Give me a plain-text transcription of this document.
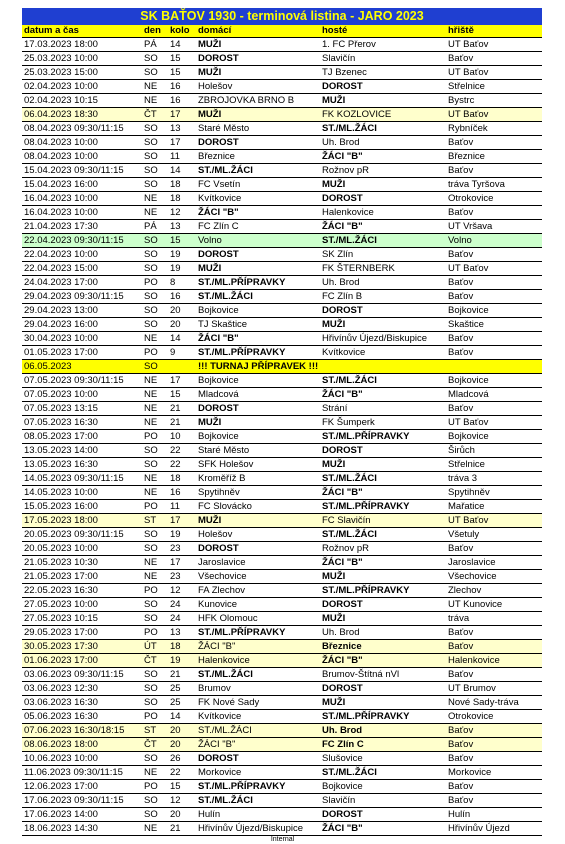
SK BAŤOV 1930 - terminová listina - JARO 2023
datum a čas	den	kolo	domácí	hosté	hřiště
17.03.2023 18:00	PÁ	14	MUŽI	1. FC Přerov	UT Baťov
25.03.2023 10:00	SO	15	DOROST	Slavičín	Baťov
25.03.2023 15:00	SO	15	MUŽI	TJ Bzenec	UT Baťov
02.04.2023 10:00	NE	16	Holešov	DOROST	Střelnice
02.04.2023 10:15	NE	16	ZBROJOVKA BRNO B	MUŽI	Bystrc
06.04.2023 18:30	ČT	17	MUŽI	FK KOZLOVICE	UT Baťov
08.04.2023 09:30/11:15	SO	13	Staré Město	ST./ML.ŽÁCI	Rybníček
08.04.2023 10:00	SO	17	DOROST	Uh. Brod	Baťov
08.04.2023 10:00	SO	11	Březnice	ŽÁCI "B"	Březnice
15.04.2023 09:30/11:15	SO	14	ST./ML.ŽÁCI	Rožnov pR	Baťov
15.04.2023 16:00	SO	18	FC Vsetín	MUŽI	tráva Tyršova
16.04.2023 10:00	NE	18	Kvítkovice	DOROST	Otrokovice
16.04.2023 10:00	NE	12	ŽÁCI "B"	Halenkovice	Baťov
21.04.2023 17:30	PÁ	13	FC Zlín C	ŽÁCI "B"	UT Vršava
22.04.2023 09:30/11:15	SO	15	Volno	ST./ML.ŽÁCI	Volno
22.04.2023 10:00	SO	19	DOROST	SK Zlín	Baťov
22.04.2023 15:00	SO	19	MUŽI	FK ŠTERNBERK	UT Baťov
24.04.2023 17:00	PO	8	ST./ML.PŘÍPRAVKY	Uh. Brod	Baťov
29.04.2023 09:30/11:15	SO	16	ST./ML.ŽÁCI	FC Zlín B	Baťov
29.04.2023 13:00	SO	20	Bojkovice	DOROST	Bojkovice
29.04.2023 16:00	SO	20	TJ Skaštice	MUŽI	Skaštice
30.04.2023 10:00	NE	14	ŽÁCI "B"	Hřivínův Újezd/Biskupice	Baťov
01.05.2023 17:00	PO	9	ST./ML.PŘÍPRAVKY	Kvítkovice	Baťov
06.05.2023	SO		!!! TURNAJ PŘÍPRAVEK !!!		
07.05.2023 09:30/11:15	NE	17	Bojkovice	ST./ML.ŽÁCI	Bojkovice
07.05.2023 10:00	NE	15	Mladcová	ŽÁCI "B"	Mladcová
07.05.2023 13:15	NE	21	DOROST	Strání	Baťov
07.05.2023 16:30	NE	21	MUŽI	FK Šumperk	UT Baťov
08.05.2023 17:00	PO	10	Bojkovice	ST./ML.PŘÍPRAVKY	Bojkovice
13.05.2023 14:00	SO	22	Staré Město	DOROST	Širůch
13.05.2023 16:30	SO	22	SFK Holešov	MUŽI	Střelnice
14.05.2023 09:30/11:15	NE	18	Kroměříž B	ST./ML.ŽÁCI	tráva 3
14.05.2023 10:00	NE	16	Spytihněv	ŽÁCI "B"	Spytihněv
15.05.2023 16:00	PO	11	FC Slovácko	ST./ML.PŘÍPRAVKY	Mařatice
17.05.2023 18:00	ST	17	MUŽI	FC Slavičín	UT Baťov
20.05.2023 09:30/11:15	SO	19	Holešov	ST./ML.ŽÁCI	Všetuly
20.05.2023 10:00	SO	23	DOROST	Rožnov pR	Baťov
21.05.2023 10:30	NE	17	Jaroslavice	ŽÁCI "B"	Jaroslavice
21.05.2023 17:00	NE	23	Všechovice	MUŽI	Všechovice
22.05.2023 16:30	PO	12	FA Zlechov	ST./ML.PŘÍPRAVKY	Zlechov
27.05.2023 10:00	SO	24	Kunovice	DOROST	UT Kunovice
27.05.2023 10:15	SO	24	HFK Olomouc	MUŽI	tráva
29.05.2023 17:00	PO	13	ST./ML.PŘÍPRAVKY	Uh. Brod	Baťov
30.05.2023 17:30	ÚT	18	ŽÁCI "B"	Březnice	Baťov
01.06.2023 17:00	ČT	19	Halenkovice	ŽÁCI "B"	Halenkovice
03.06.2023 09:30/11:15	SO	21	ST./ML.ŽÁCI	Brumov-Štítná nVl	Baťov
03.06.2023 12:30	SO	25	Brumov	DOROST	UT Brumov
03.06.2023 16:30	SO	25	FK Nové Sady	MUŽI	Nové Sady-tráva
05.06.2023 16:30	PO	14	Kvítkovice	ST./ML.PŘÍPRAVKY	Otrokovice
07.06.2023 16:30/18:15	ST	20	ST./ML.ŽÁCI	Uh. Brod	Baťov
08.06.2023 18:00	ČT	20	ŽÁCI "B"	FC Zlín C	Baťov
10.06.2023 10:00	SO	26	DOROST	Slušovice	Baťov
11.06.2023 09:30/11:15	NE	22	Morkovice	ST./ML.ŽÁCI	Morkovice
12.06.2023 17:00	PO	15	ST./ML.PŘÍPRAVKY	Bojkovice	Baťov
17.06.2023 09:30/11:15	SO	12	ST./ML.ŽÁCI	Slavičín	Baťov
17.06.2023 14:00	SO	20	Hulín	DOROST	Hulín
18.06.2023 14:30	NE	21	Hřivínův Újezd/Biskupice	ŽÁCI "B"	Hřivínův Újezd
Internal
